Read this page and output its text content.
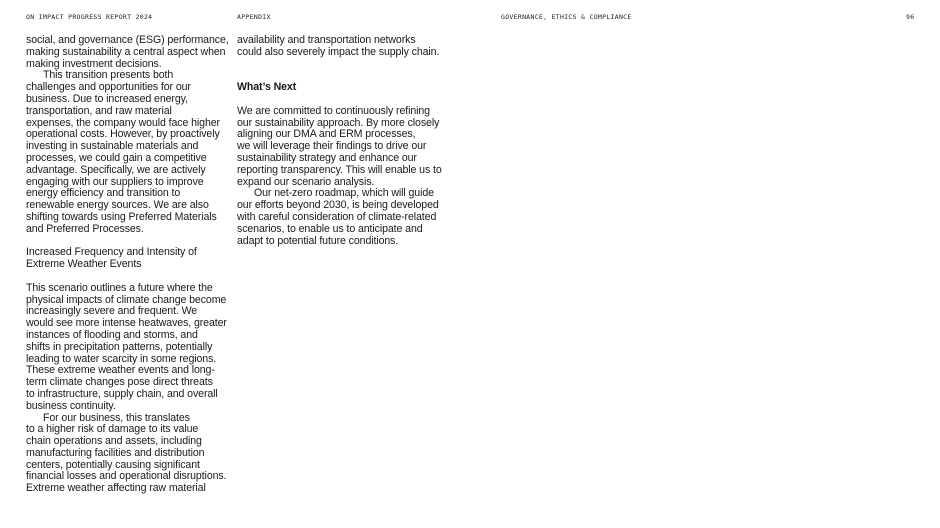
ON IMPACT PROGRESS REPORT 2024	APPENDIX	GOVERNANCE, ETHICS & COMPLIANCE	96

social, and governance (ESG) performance,
making sustainability a central aspect when
making investment decisions.

This transition presents both
challenges and opportunities for our
business. Due to increased energy,
transportation, and raw material
expenses, the company would face higher
operational costs. However, by proactively
investing in sustainable materials and
processes, we could gain a competitive
advantage. Specifically, we are actively
engaging with our suppliers to improve
energy efficiency and transition to
renewable energy sources. We are also
shifting towards using Preferred Materials
and Preferred Processes.

Increased Frequency and Intensity of
Extreme Weather Events

This scenario outlines a future where the
physical impacts of climate change become
increasingly severe and frequent. We
would see more intense heatwaves, greater
instances of flooding and storms, and
shifts in precipitation patterns, potentially
leading to water scarcity in some regions.
These extreme weather events and long-
term climate changes pose direct threats
to infrastructure, supply chain, and overall
business continuity.

For our business, this translates
to a higher risk of damage to its value
chain operations and assets, including
manufacturing facilities and distribution
centers, potentially causing significant
financial losses and operational disruptions.
Extreme weather affecting raw material

availability and transportation networks
could also severely impact the supply chain.

What’s Next

We are committed to continuously refining
our sustainability approach. By more closely
aligning our DMA and ERM processes,
we will leverage their findings to drive our
sustainability strategy and enhance our
reporting transparency. This will enable us to
expand our scenario analysis.

Our net-zero roadmap, which will guide
our efforts beyond 2030, is being developed
with careful consideration of climate-related
scenarios, to enable us to anticipate and
adapt to potential future conditions.
